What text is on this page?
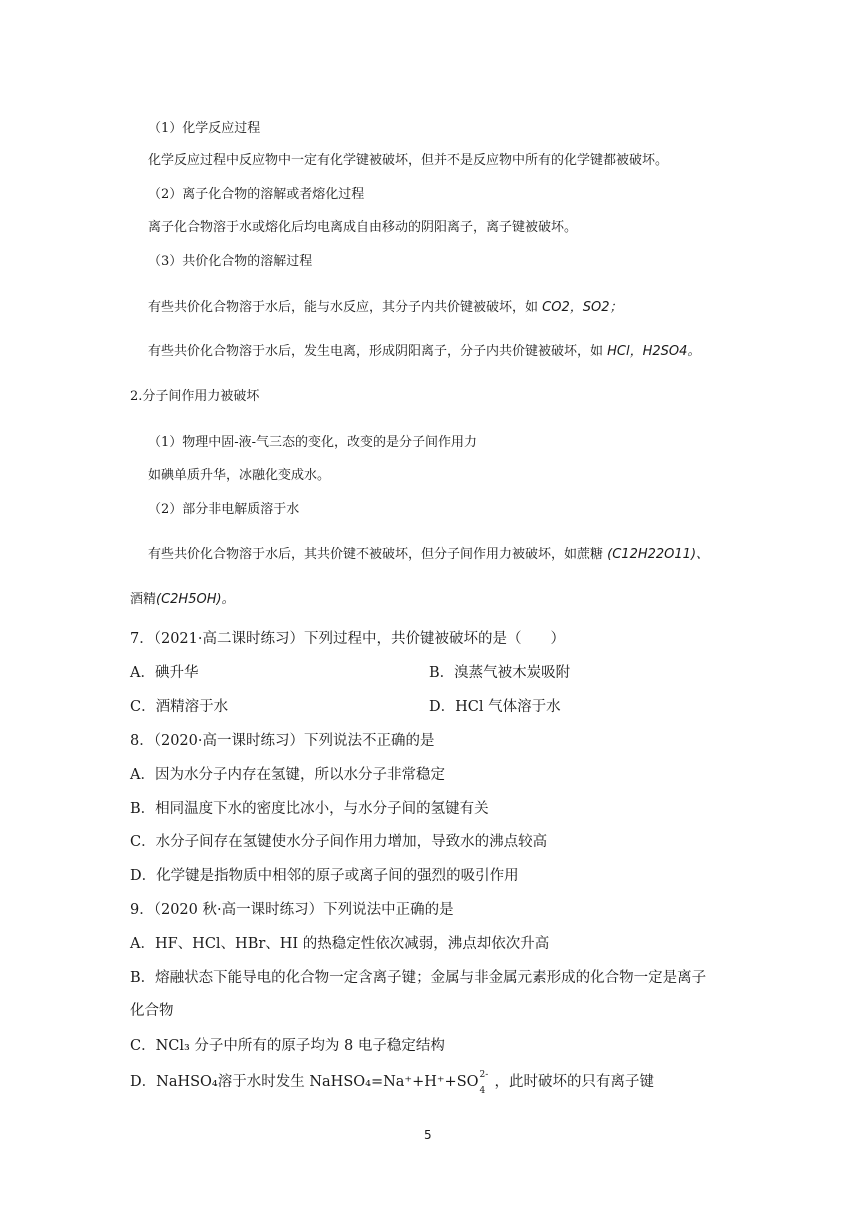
（1）化学反应过程
化学反应过程中反应物中一定有化学键被破坏，但并不是反应物中所有的化学键都被破坏。
（2）离子化合物的溶解或者熔化过程
离子化合物溶于水或熔化后均电离成自由移动的阴阳离子，离子键被破坏。
（3）共价化合物的溶解过程
有些共价化合物溶于水后，能与水反应，其分子内共价键被破坏，如 CO2，SO2；
有些共价化合物溶于水后，发生电离，形成阴阳离子，分子内共价键被破坏，如 HCl，H2SO4。
2.分子间作用力被破坏
（1）物理中固-液-气三态的变化，改变的是分子间作用力
如碘单质升华，冰融化变成水。
（2）部分非电解质溶于水
有些共价化合物溶于水后，其共价键不被破坏，但分子间作用力被破坏，如蔗糖 (C12H22O11)、
酒精(C2H5OH)。
7．（2021·高二课时练习）下列过程中，共价键被破坏的是（　　）
A．碘升华	B．溴蒸气被木炭吸附
C．酒精溶于水	D．HCl 气体溶于水
8．（2020·高一课时练习）下列说法不正确的是
A．因为水分子内存在氢键，所以水分子非常稳定
B．相同温度下水的密度比冰小，与水分子间的氢键有关
C．水分子间存在氢键使水分子间作用力增加，导致水的沸点较高
D．化学键是指物质中相邻的原子或离子间的强烈的吸引作用
9．（2020 秋·高一课时练习）下列说法中正确的是
A．HF、HCl、HBr、HI 的热稳定性依次减弱，沸点却依次升高
B．熔融状态下能导电的化合物一定含离子键；金属与非金属元素形成的化合物一定是离子
化合物
C．NCl₃ 分子中所有的原子均为 8 电子稳定结构
D．NaHSO₄溶于水时发生 NaHSO₄=Na⁺+H⁺+SO 2-
4
，此时破坏的只有离子键
5
